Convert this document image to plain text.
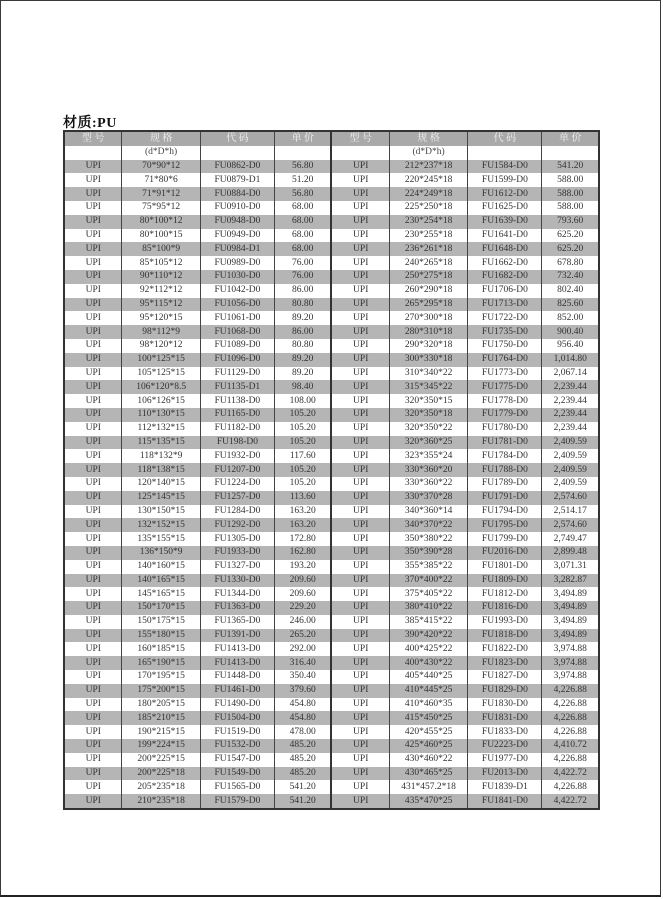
材质:PU
型 号	规 格	代 码	单 价	型 号	规 格	代 码	单 价
	(d*D*h)				(d*D*h)		
UPI	70*90*12	FU0862-D0	56.80	UPI	212*237*18	FU1584-D0	541.20
UPI	71*80*6	FU0879-D1	51.20	UPI	220*245*18	FU1599-D0	588.00
UPI	71*91*12	FU0884-D0	56.80	UPI	224*249*18	FU1612-D0	588.00
UPI	75*95*12	FU0910-D0	68.00	UPI	225*250*18	FU1625-D0	588.00
UPI	80*100*12	FU0948-D0	68.00	UPI	230*254*18	FU1639-D0	793.60
UPI	80*100*15	FU0949-D0	68.00	UPI	230*255*18	FU1641-D0	625.20
UPI	85*100*9	FU0984-D1	68.00	UPI	236*261*18	FU1648-D0	625.20
UPI	85*105*12	FU0989-D0	76.00	UPI	240*265*18	FU1662-D0	678.80
UPI	90*110*12	FU1030-D0	76.00	UPI	250*275*18	FU1682-D0	732.40
UPI	92*112*12	FU1042-D0	86.00	UPI	260*290*18	FU1706-D0	802.40
UPI	95*115*12	FU1056-D0	80.80	UPI	265*295*18	FU1713-D0	825.60
UPI	95*120*15	FU1061-D0	89.20	UPI	270*300*18	FU1722-D0	852.00
UPI	98*112*9	FU1068-D0	86.00	UPI	280*310*18	FU1735-D0	900.40
UPI	98*120*12	FU1089-D0	80.80	UPI	290*320*18	FU1750-D0	956.40
UPI	100*125*15	FU1096-D0	89.20	UPI	300*330*18	FU1764-D0	1,014.80
UPI	105*125*15	FU1129-D0	89.20	UPI	310*340*22	FU1773-D0	2,067.14
UPI	106*120*8.5	FU1135-D1	98.40	UPI	315*345*22	FU1775-D0	2,239.44
UPI	106*126*15	FU1138-D0	108.00	UPI	320*350*15	FU1778-D0	2,239.44
UPI	110*130*15	FU1165-D0	105.20	UPI	320*350*18	FU1779-D0	2,239.44
UPI	112*132*15	FU1182-D0	105.20	UPI	320*350*22	FU1780-D0	2,239.44
UPI	115*135*15	FU198-D0	105.20	UPI	320*360*25	FU1781-D0	2,409.59
UPI	118*132*9	FU1932-D0	117.60	UPI	323*355*24	FU1784-D0	2,409.59
UPI	118*138*15	FU1207-D0	105.20	UPI	330*360*20	FU1788-D0	2,409.59
UPI	120*140*15	FU1224-D0	105.20	UPI	330*360*22	FU1789-D0	2,409.59
UPI	125*145*15	FU1257-D0	113.60	UPI	330*370*28	FU1791-D0	2,574.60
UPI	130*150*15	FU1284-D0	163.20	UPI	340*360*14	FU1794-D0	2,514.17
UPI	132*152*15	FU1292-D0	163.20	UPI	340*370*22	FU1795-D0	2,574.60
UPI	135*155*15	FU1305-D0	172.80	UPI	350*380*22	FU1799-D0	2,749.47
UPI	136*150*9	FU1933-D0	162.80	UPI	350*390*28	FU2016-D0	2,899.48
UPI	140*160*15	FU1327-D0	193.20	UPI	355*385*22	FU1801-D0	3,071.31
UPI	140*165*15	FU1330-D0	209.60	UPI	370*400*22	FU1809-D0	3,282.87
UPI	145*165*15	FU1344-D0	209.60	UPI	375*405*22	FU1812-D0	3,494.89
UPI	150*170*15	FU1363-D0	229.20	UPI	380*410*22	FU1816-D0	3,494.89
UPI	150*175*15	FU1365-D0	246.00	UPI	385*415*22	FU1993-D0	3,494.89
UPI	155*180*15	FU1391-D0	265.20	UPI	390*420*22	FU1818-D0	3,494.89
UPI	160*185*15	FU1413-D0	292.00	UPI	400*425*22	FU1822-D0	3,974.88
UPI	165*190*15	FU1413-D0	316.40	UPI	400*430*22	FU1823-D0	3,974.88
UPI	170*195*15	FU1448-D0	350.40	UPI	405*440*25	FU1827-D0	3,974.88
UPI	175*200*15	FU1461-D0	379.60	UPI	410*445*25	FU1829-D0	4,226.88
UPI	180*205*15	FU1490-D0	454.80	UPI	410*460*35	FU1830-D0	4,226.88
UPI	185*210*15	FU1504-D0	454.80	UPI	415*450*25	FU1831-D0	4,226.88
UPI	190*215*15	FU1519-D0	478.00	UPI	420*455*25	FU1833-D0	4,226.88
UPI	199*224*15	FU1532-D0	485.20	UPI	425*460*25	FU2223-D0	4,410.72
UPI	200*225*15	FU1547-D0	485.20	UPI	430*460*22	FU1977-D0	4,226.88
UPI	200*225*18	FU1549-D0	485.20	UPI	430*465*25	FU2013-D0	4,422.72
UPI	205*235*18	FU1565-D0	541.20	UPI	431*457.2*18	FU1839-D1	4,226.88
UPI	210*235*18	FU1579-D0	541.20	UPI	435*470*25	FU1841-D0	4,422.72
